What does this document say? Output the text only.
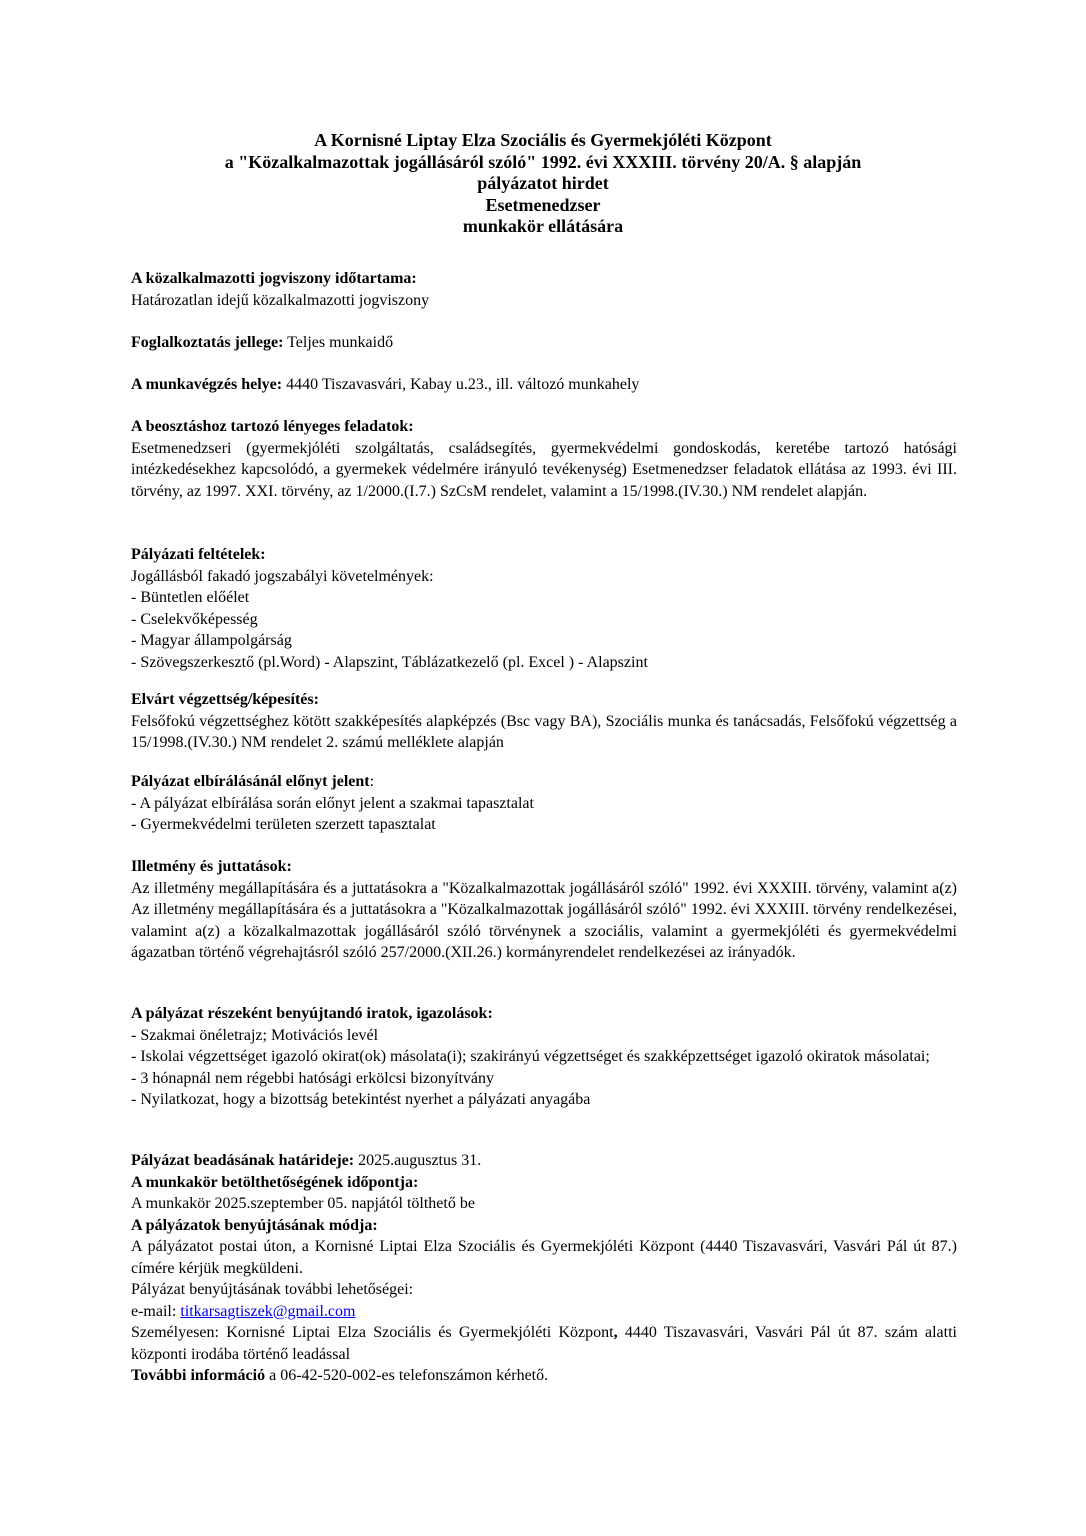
A Kornisné Liptay Elza Szociális és Gyermekjóléti Központ
a "Közalkalmazottak jogállásáról szóló" 1992. évi XXXIII. törvény 20/A. § alapján
pályázatot hirdet
Esetmenedzser
munkakör ellátására
A közalkalmazotti jogviszony időtartama:
Határozatlan idejű közalkalmazotti jogviszony
Foglalkoztatás jellege: Teljes munkaidő
A munkavégzés helye: 4440 Tiszavasvári, Kabay u.23., ill. változó munkahely
A beosztáshoz tartozó lényeges feladatok:
Esetmenedzseri (gyermekjóléti szolgáltatás, családsegítés, gyermekvédelmi gondoskodás, keretébe tartozó hatósági intézkedésekhez kapcsolódó, a gyermekek védelmére irányuló tevékenység) Esetmenedzser feladatok ellátása az 1993. évi III. törvény, az 1997. XXI. törvény, az 1/2000.(I.7.) SzCsM rendelet, valamint a 15/1998.(IV.30.) NM rendelet alapján.
Pályázati feltételek:
Jogállásból fakadó jogszabályi követelmények:
- Büntetlen előélet
- Cselekvőképesség
- Magyar állampolgárság
- Szövegszerkesztő (pl.Word) - Alapszint, Táblázatkezelő (pl. Excel ) - Alapszint
Elvárt végzettség/képesítés:
Felsőfokú végzettséghez kötött szakképesítés alapképzés (Bsc vagy BA), Szociális munka és tanácsadás, Felsőfokú végzettség a 15/1998.(IV.30.) NM rendelet 2. számú melléklete alapján
Pályázat elbírálásánál előnyt jelent:
- A pályázat elbírálása során előnyt jelent a szakmai tapasztalat
- Gyermekvédelmi területen szerzett tapasztalat
Illetmény és juttatások:
Az illetmény megállapítására és a juttatásokra a "Közalkalmazottak jogállásáról szóló" 1992. évi XXXIII. törvény, valamint a(z) Az illetmény megállapítására és a juttatásokra a "Közalkalmazottak jogállásáról szóló" 1992. évi XXXIII. törvény rendelkezései, valamint a(z) a közalkalmazottak jogállásáról szóló törvénynek a szociális, valamint a gyermekjóléti és gyermekvédelmi ágazatban történő végrehajtásról szóló 257/2000.(XII.26.) kormányrendelet rendelkezései az irányadók.
A pályázat részeként benyújtandó iratok, igazolások:
- Szakmai önéletrajz; Motivációs levél
- Iskolai végzettséget igazoló okirat(ok) másolata(i); szakirányú végzettséget és szakképzettséget igazoló okiratok másolatai;
- 3 hónapnál nem régebbi hatósági erkölcsi bizonyítvány
- Nyilatkozat, hogy a bizottság betekintést nyerhet a pályázati anyagába
Pályázat beadásának határideje: 2025.augusztus 31.
A munkakör betölthetőségének időpontja:
A munkakör 2025.szeptember 05. napjától tölthető be
A pályázatok benyújtásának módja:
A pályázatot postai úton, a Kornisné Liptai Elza Szociális és Gyermekjóléti Központ (4440 Tiszavasvári, Vasvári Pál út 87.) címére kérjük megküldeni.
Pályázat benyújtásának további lehetőségei:
e-mail: titkarsagtiszek@gmail.com
Személyesen: Kornisné Liptai Elza Szociális és Gyermekjóléti Központ, 4440 Tiszavasvári, Vasvári Pál út 87. szám alatti központi irodába történő leadással
További információ a 06-42-520-002-es telefonszámon kérhető.
